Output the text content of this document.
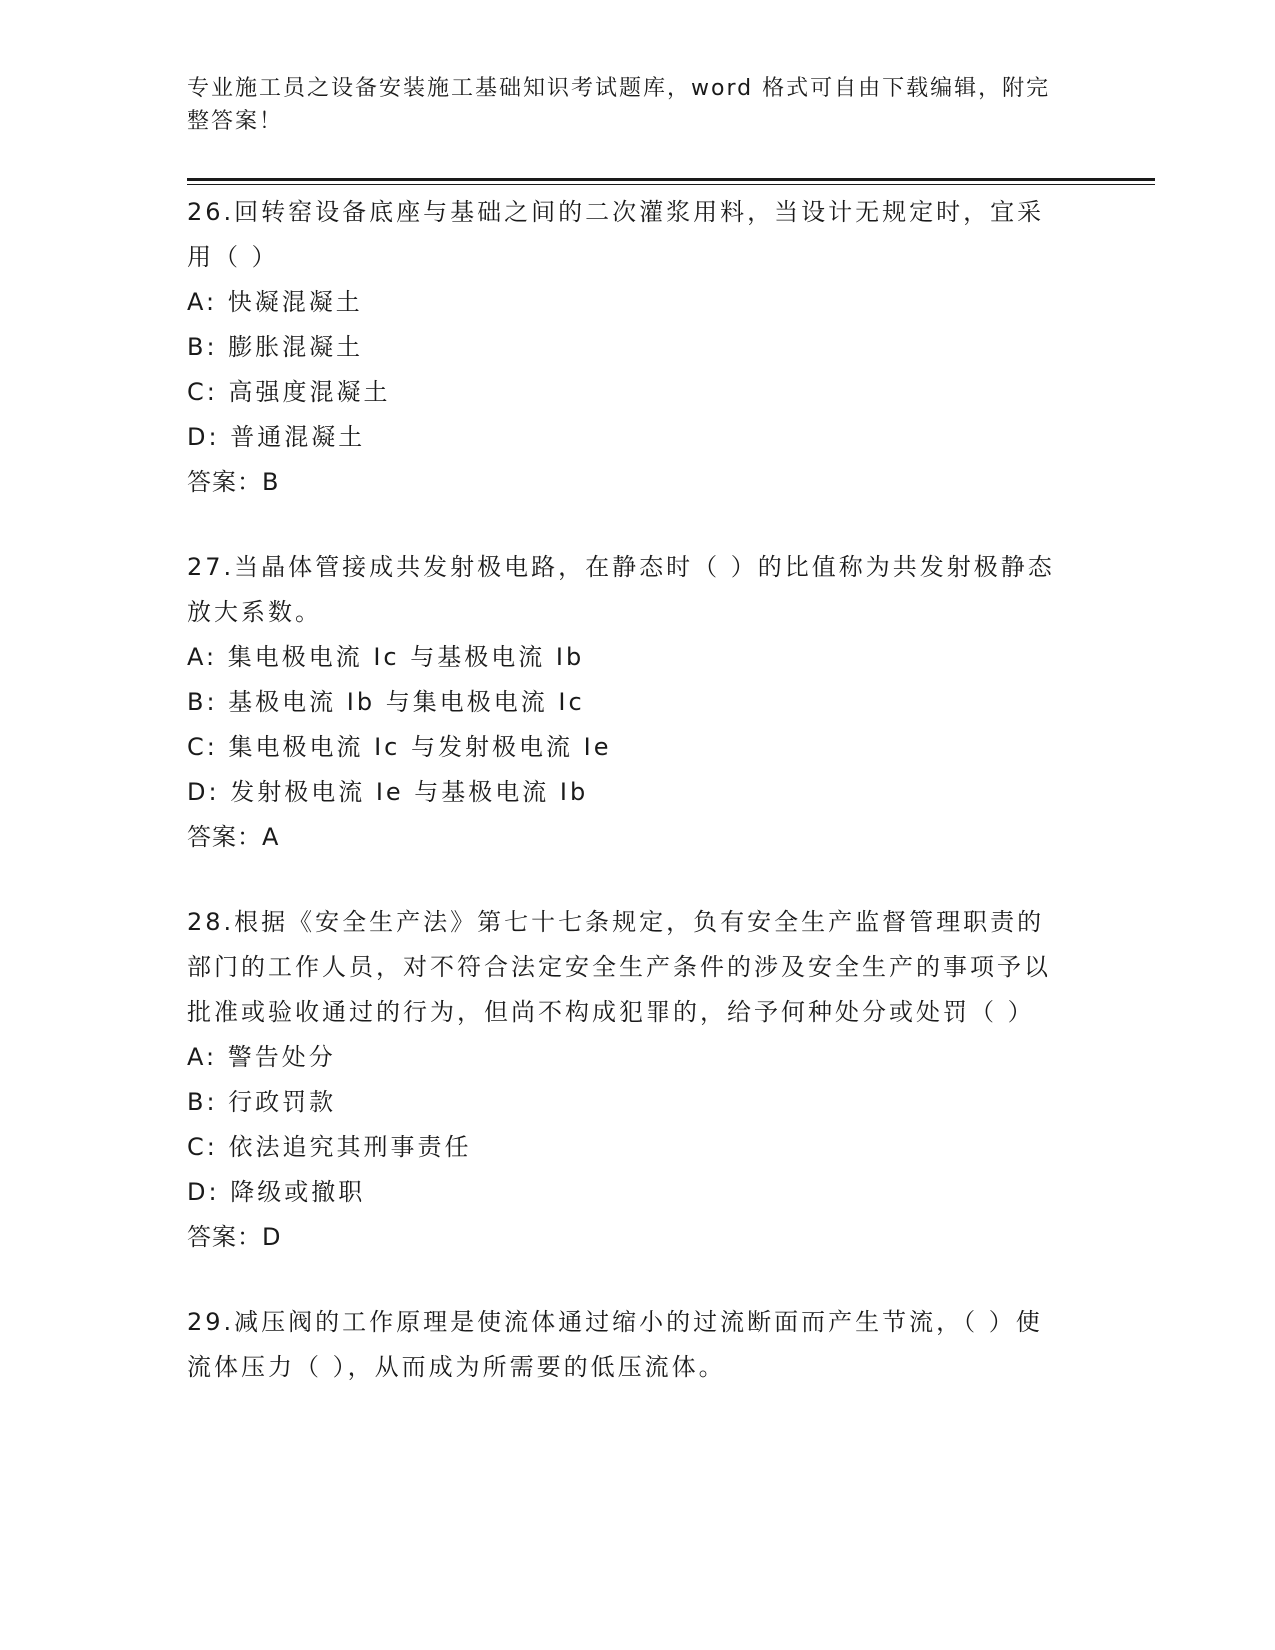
专业施工员之设备安装施工基础知识考试题库，word 格式可自由下载编辑，附完整答案！

26.回转窑设备底座与基础之间的二次灌浆用料，当设计无规定时，宜采用（ ）

A: 快凝混凝土

B: 膨胀混凝土

C: 高强度混凝土

D: 普通混凝土

答案：B

27.当晶体管接成共发射极电路，在静态时（ ）的比值称为共发射极静态放大系数。

A: 集电极电流 Ic 与基极电流 Ib

B: 基极电流 Ib 与集电极电流 Ic

C: 集电极电流 Ic 与发射极电流 Ie

D: 发射极电流 Ie 与基极电流 Ib

答案：A

28.根据《安全生产法》第七十七条规定，负有安全生产监督管理职责的部门的工作人员，对不符合法定安全生产条件的涉及安全生产的事项予以批准或验收通过的行为，但尚不构成犯罪的，给予何种处分或处罚（ ）

A: 警告处分

B: 行政罚款

C: 依法追究其刑事责任

D: 降级或撤职

答案：D

29.减压阀的工作原理是使流体通过缩小的过流断面而产生节流，（ ）使流体压力（ ），从而成为所需要的低压流体。
